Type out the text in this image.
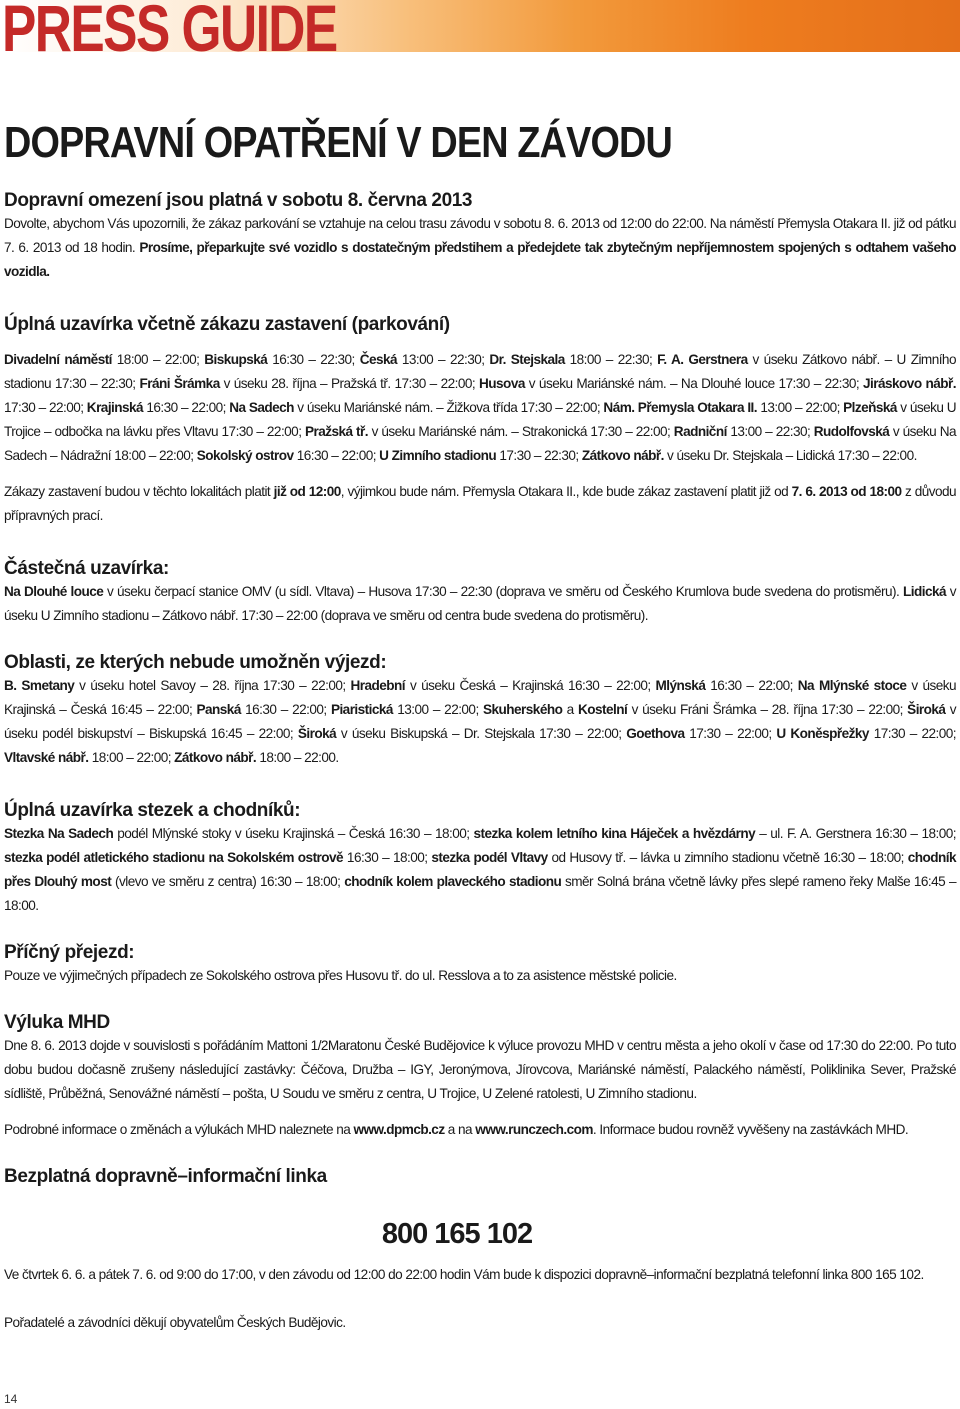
PRESS GUIDE
DOPRAVNÍ OPATŘENÍ V DEN ZÁVODU
Dopravní omezení jsou platná v sobotu 8. června 2013

Dovolte, abychom Vás upozornili, že zákaz parkování se vztahuje na celou trasu závodu v sobotu 8. 6. 2013 od 12:00 do 22:00. Na náměstí Přemysla Otakara II. již od pátku 7. 6. 2013 od 18 hodin. Prosíme, přeparkujte své vozidlo s dostatečným předstihem a předejdete tak zbytečným nepříjemnostem spojených s odtahem vašeho vozidla.

Úplná uzavírka včetně zákazu zastavení (parkování)

Divadelní náměstí 18:00 – 22:00; Biskupská 16:30 – 22:30; Česká 13:00 – 22:30; Dr. Stejskala 18:00 – 22:30; F. A. Gerstnera v úseku Zátkovo nábř. – U Zimního stadionu 17:30 – 22:30; Fráni Šrámka v úseku 28. října – Pražská tř. 17:30 – 22:00; Husova v úseku Mariánské nám. – Na Dlouhé louce 17:30 – 22:30; Jiráskovo nábř. 17:30 – 22:00; Krajinská 16:30 – 22:00; Na Sadech v úseku Mariánské nám. – Žižkova třída 17:30 – 22:00; Nám. Přemysla Otakara II. 13:00 – 22:00; Plzeňská v úseku U Trojice – odbočka na lávku přes Vltavu 17:30 – 22:00; Pražská tř. v úseku Mariánské nám. – Strakonická 17:30 – 22:00; Radniční 13:00 – 22:30; Rudolfovská v úseku Na Sadech – Nádražní 18:00 – 22:00; Sokolský ostrov 16:30 – 22:00; U Zimního stadionu 17:30 – 22:30; Zátkovo nábř. v úseku Dr. Stejskala – Lidická 17:30 – 22:00.

Zákazy zastavení budou v těchto lokalitách platit již od 12:00, výjimkou bude nám. Přemysla Otakara II., kde bude zákaz zastavení platit již od 7. 6. 2013 od 18:00 z důvodu přípravných prací.

Částečná uzavírka:

Na Dlouhé louce v úseku čerpací stanice OMV (u sídl. Vltava) – Husova 17:30 – 22:30 (doprava ve směru od Českého Krumlova bude svedena do protisměru). Lidická v úseku U Zimního stadionu – Zátkovo nábř. 17:30 – 22:00 (doprava ve směru od centra bude svedena do protisměru).

Oblasti, ze kterých nebude umožněn výjezd:

B. Smetany v úseku hotel Savoy – 28. října 17:30 – 22:00; Hradební v úseku Česká – Krajinská 16:30 – 22:00; Mlýnská 16:30 – 22:00; Na Mlýnské stoce v úseku Krajinská – Česká 16:45 – 22:00; Panská 16:30 – 22:00; Piaristická 13:00 – 22:00; Skuherského a Kostelní v úseku Fráni Šrámka – 28. října 17:30 – 22:00; Široká v úseku podél biskupství – Biskupská 16:45 – 22:00; Široká v úseku Biskupská – Dr. Stejskala 17:30 – 22:00; Goethova 17:30 – 22:00; U Koněspřežky 17:30 – 22:00; Vltavské nábř. 18:00 – 22:00; Zátkovo nábř. 18:00 – 22:00.

Úplná uzavírka stezek a chodníků:

Stezka Na Sadech podél Mlýnské stoky v úseku Krajinská – Česká 16:30 – 18:00; stezka kolem letního kina Háječek a hvězdárny – ul. F. A. Gerstnera 16:30 – 18:00; stezka podél atletického stadionu na Sokolském ostrově 16:30 – 18:00; stezka podél Vltavy od Husovy tř. – lávka u zimního stadionu včetně 16:30 – 18:00; chodník přes Dlouhý most (vlevo ve směru z centra) 16:30 – 18:00; chodník kolem plaveckého stadionu směr Solná brána včetně lávky přes slepé rameno řeky Malše 16:45 – 18:00.

Příčný přejezd:

Pouze ve výjimečných případech ze Sokolského ostrova přes Husovu tř. do ul. Resslova a to za asistence městské policie.

Výluka MHD

Dne 8. 6. 2013 dojde v souvislosti s pořádáním Mattoni 1/2Maratonu České Budějovice k výluce provozu MHD v centru města a jeho okolí v čase od 17:30 do 22:00. Po tuto dobu budou dočasně zrušeny následující zastávky: Čéčova, Družba – IGY, Jeronýmova, Jírovcova, Mariánské náměstí, Palackého náměstí, Poliklinika Sever, Pražské sídliště, Průběžná, Senovážné náměstí – pošta, U Soudu ve směru z centra, U Trojice, U Zelené ratolesti, U Zimního stadionu.

Podrobné informace o změnách a výlukách MHD naleznete na www.dpmcb.cz a na www.runczech.com. Informace budou rovněž vyvěšeny na zastávkách MHD.

Bezplatná dopravně–informační linka

800 165 102

Ve čtvrtek 6. 6. a pátek 7. 6. od 9:00 do 17:00, v den závodu od 12:00 do 22:00 hodin Vám bude k dispozici dopravně–informační bezplatná telefonní linka 800 165 102.

Pořadatelé a závodníci děkují obyvatelům Českých Budějovic.

14
